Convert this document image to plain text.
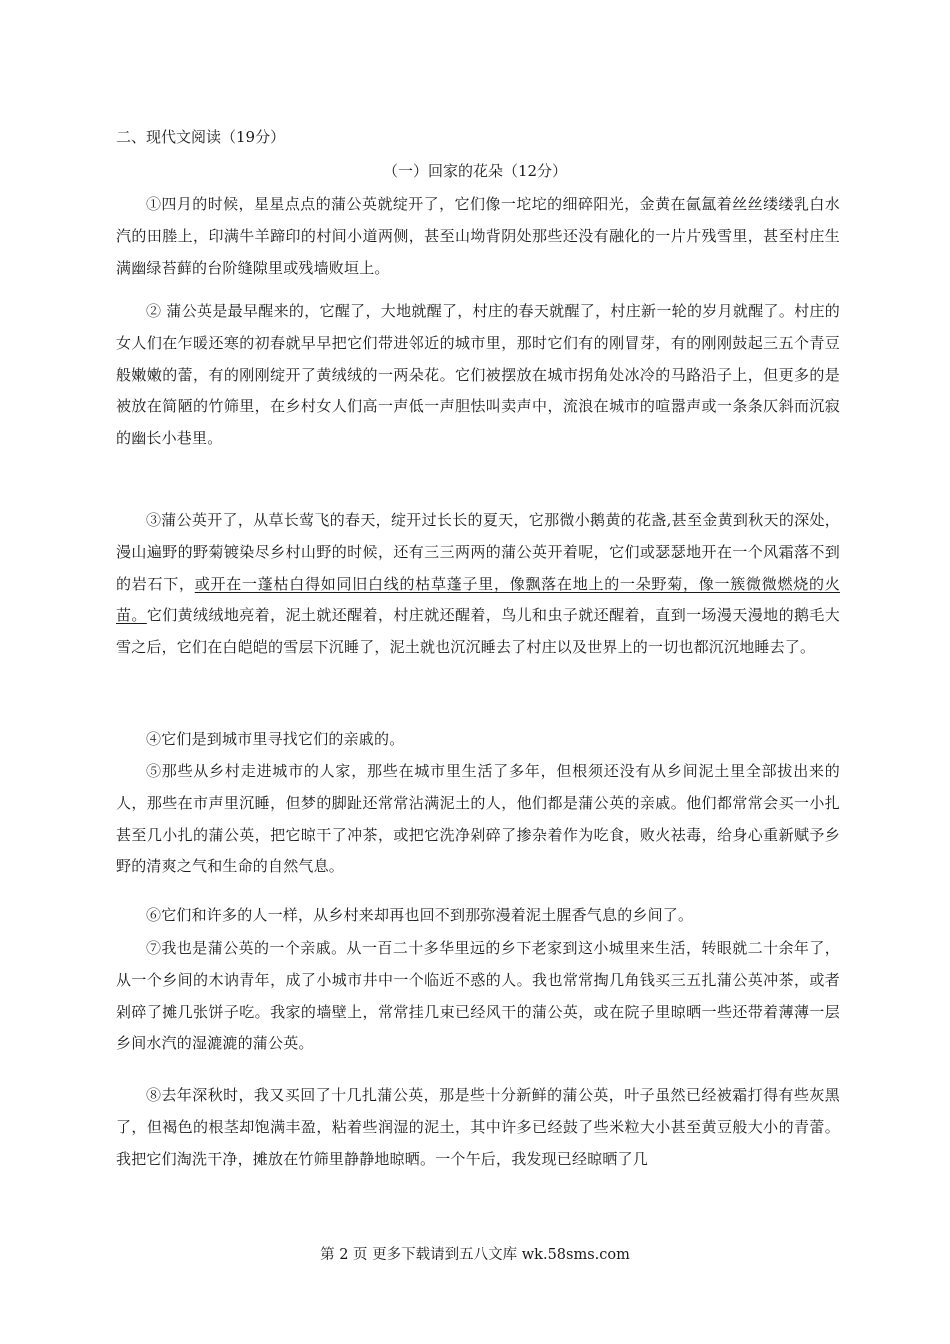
二、现代文阅读（19分）
（一）回家的花朵（12分）
①四月的时候，星星点点的蒲公英就绽开了，它们像一坨坨的细碎阳光，金黄在氤氲着丝丝缕缕乳白水汽的田塍上，印满牛羊蹄印的村间小道两侧，甚至山坳背阴处那些还没有融化的一片片残雪里，甚至村庄生满幽绿苔藓的台阶缝隙里或残墙败垣上。
② 蒲公英是最早醒来的，它醒了，大地就醒了，村庄的春天就醒了，村庄新一轮的岁月就醒了。村庄的女人们在乍暖还寒的初春就早早把它们带进邻近的城市里，那时它们有的刚冒芽，有的刚刚鼓起三五个青豆般嫩嫩的蕾，有的刚刚绽开了黄绒绒的一两朵花。它们被摆放在城市拐角处冰冷的马路沿子上，但更多的是被放在简陋的竹筛里，在乡村女人们高一声低一声胆怯叫卖声中，流浪在城市的喧嚣声或一条条仄斜而沉寂的幽长小巷里。
③蒲公英开了，从草长莺飞的春天，绽开过长长的夏天，它那微小鹅黄的花盏,甚至金黄到秋天的深处，漫山遍野的野菊镀染尽乡村山野的时候，还有三三两两的蒲公英开着呢，它们或瑟瑟地开在一个风霜落不到的岩石下，或开在一蓬枯白得如同旧白线的枯草蓬子里，像飘落在地上的一朵野菊，像一簇微微燃烧的火苗。它们黄绒绒地亮着，泥土就还醒着，村庄就还醒着，鸟儿和虫子就还醒着，直到一场漫天漫地的鹅毛大雪之后，它们在白皑皑的雪层下沉睡了，泥土就也沉沉睡去了村庄以及世界上的一切也都沉沉地睡去了。
④它们是到城市里寻找它们的亲戚的。
⑤那些从乡村走进城市的人家，那些在城市里生活了多年，但根须还没有从乡间泥土里全部拔出来的人，那些在市声里沉睡，但梦的脚趾还常常沾满泥土的人，他们都是蒲公英的亲戚。他们都常常会买一小扎甚至几小扎的蒲公英，把它晾干了冲茶，或把它洗净剁碎了掺杂着作为吃食，败火祛毒，给身心重新赋予乡野的清爽之气和生命的自然气息。
⑥它们和许多的人一样，从乡村来却再也回不到那弥漫着泥土腥香气息的乡间了。
⑦我也是蒲公英的一个亲戚。从一百二十多华里远的乡下老家到这小城里来生活，转眼就二十余年了，从一个乡间的木讷青年，成了小城市井中一个临近不惑的人。我也常常掏几角钱买三五扎蒲公英冲茶，或者剁碎了摊几张饼子吃。我家的墙壁上，常常挂几束已经风干的蒲公英，或在院子里晾晒一些还带着薄薄一层乡间水汽的湿漉漉的蒲公英。
⑧去年深秋时，我又买回了十几扎蒲公英，那是些十分新鲜的蒲公英，叶子虽然已经被霜打得有些灰黑了，但褐色的根茎却饱满丰盈，粘着些润湿的泥土，其中许多已经鼓了些米粒大小甚至黄豆般大小的青蕾。我把它们淘洗干净，摊放在竹筛里静静地晾晒。一个午后，我发现已经晾晒了几
第 2 页 更多下载请到五八文库 wk.58sms.com
